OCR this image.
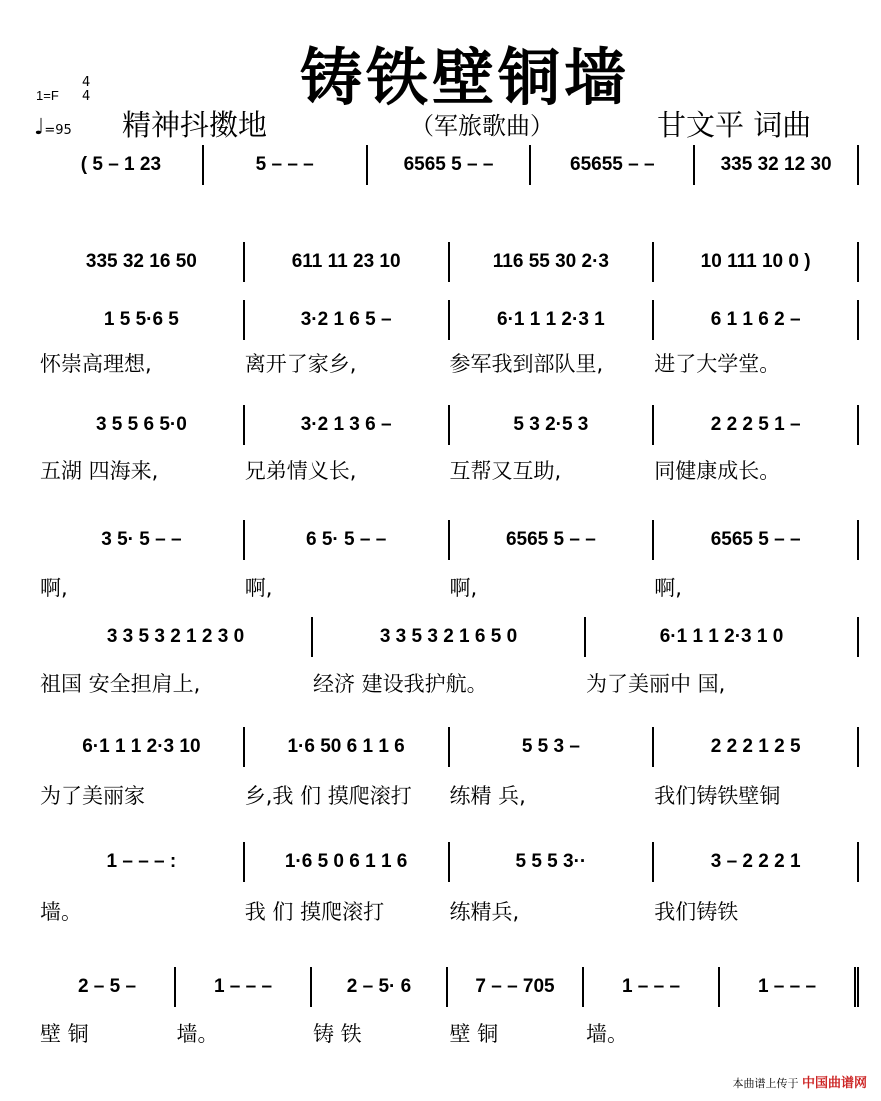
铸铁壁铜墙
1=F
4
4
♩=95 精神抖擞地	（军旅歌曲）	甘文平 词曲
( 5 – 1 23	5 – – –	6565 5 – –	65655 – –	335 32 12 30
335 32 16 50	611 11 23 10	116 55 30 2·3	10 111 10 0 )
1 5 5·6 5	3·2 1 6 5 –	6·1 1 1 2·3 1	6 1 1 6 2 –
怀崇高理想,	离开了家乡,	参军我到部队里,	进了大学堂。
3 5 5 6 5·0	3·2 1 3 6 –	5 3 2·5 3	2 2 2 5 1 –
五湖 四海来,	兄弟情义长,	互帮又互助,	同健康成长。
3 5· 5 – –	6 5· 5 – –	6565 5 – –	6565 5 – –
啊,	啊,	啊,	啊,
3 3 5 3 2 1 2 3 0	3 3 5 3 2 1 6 5 0	6·1 1 1 2·3 1 0
祖国 安全担肩上,	经济 建设我护航。	为了美丽中 国,
6·1 1 1 2·3 10	1·6 50 6 1 1 6	5 5 3 –	2 2 2 1 2 5
为了美丽家	乡,我 们 摸爬滚打	练精 兵,	我们铸铁壁铜
1 – – – :	1·6 5 0 6 1 1 6	5 5 5 3··	3 – 2 2 2 1
墙。	我 们 摸爬滚打	练精兵,	我们铸铁
2 – 5 –	1 – – –	2 – 5· 6	7 – – 705	1 – – –	1 – – –
壁 铜	墙。	铸 铁	壁 铜	墙。
本曲谱上传于 中国曲谱网
